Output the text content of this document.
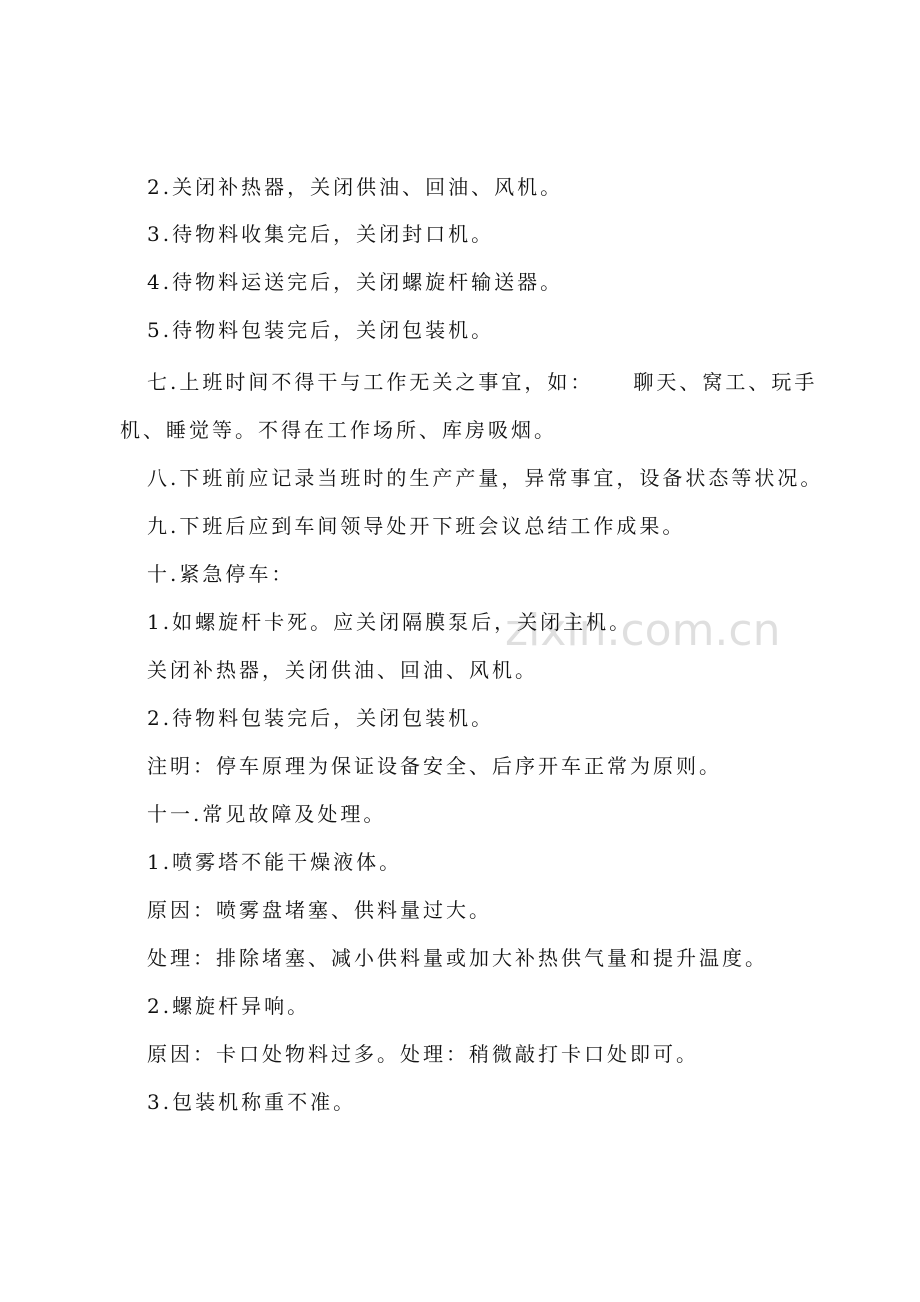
2.关闭补热器，关闭供油、回油、风机。
3.待物料收集完后，关闭封口机。
4.待物料运送完后，关闭螺旋杆输送器。
5.待物料包装完后，关闭包装机。
七.上班时间不得干与工作无关之事宜，如： 聊天、窝工、玩手
机、睡觉等。不得在工作场所、库房吸烟。
八.下班前应记录当班时的生产产量，异常事宜，设备状态等状况。
九.下班后应到车间领导处开下班会议总结工作成果。
十.紧急停车：
1.如螺旋杆卡死。应关闭隔膜泵后，关闭主机。
关闭补热器，关闭供油、回油、风机。
2.待物料包装完后，关闭包装机。
注明：停车原理为保证设备安全、后序开车正常为原则。
十一.常见故障及处理。
1.喷雾塔不能干燥液体。
原因：喷雾盘堵塞、供料量过大。
处理：排除堵塞、减小供料量或加大补热供气量和提升温度。
2.螺旋杆异响。
原因：卡口处物料过多。处理：稍微敲打卡口处即可。
3.包装机称重不准。
zixin.com.cn
